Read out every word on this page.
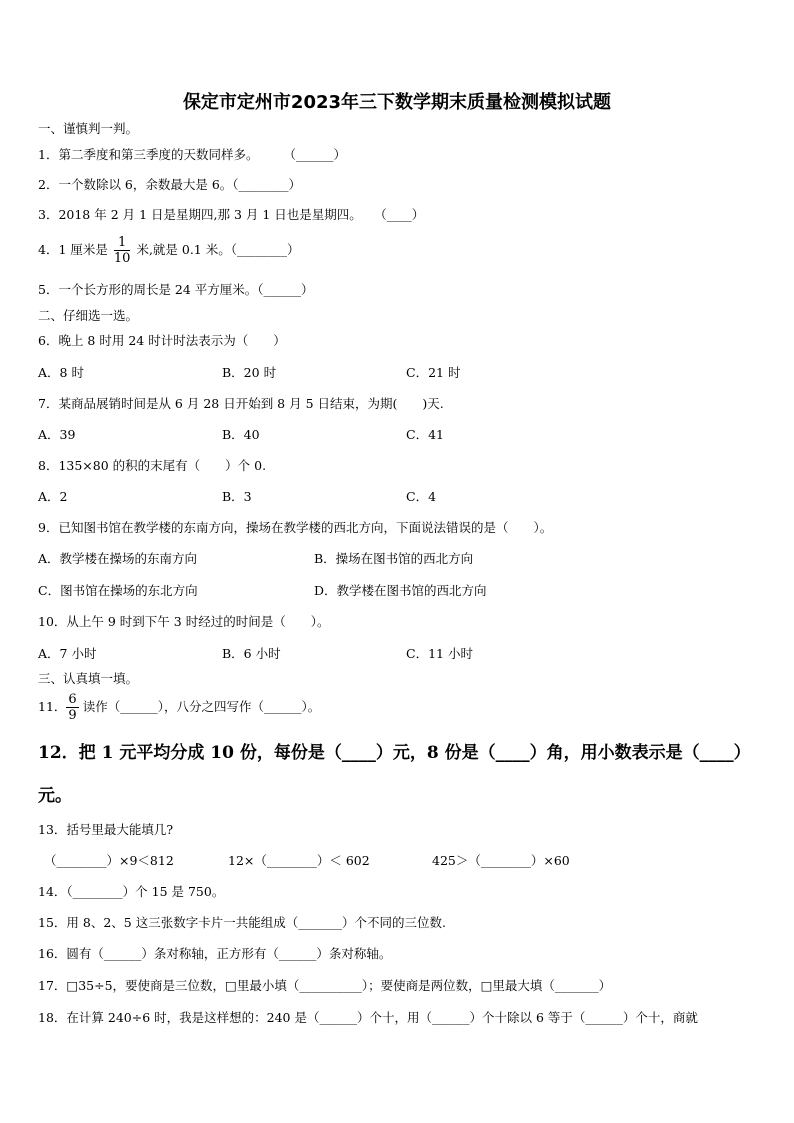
保定市定州市2023年三下数学期末质量检测模拟试题
一、谨慎判一判。
1．第二季度和第三季度的天数同样多。　　　（______）
2．一个数除以 6，余数最大是 6。（________）
3．2018 年 2 月 1 日是星期四,那 3 月 1 日也是星期四。　　（____）
4．1 厘米是 $\frac{1}{10}$ 米,就是 0.1 米。（________）
5．一个长方形的周长是 24 平方厘米。（______）
二、仔细选一选。
6．晚上 8 时用 24 时计时法表示为（　　）
A．8 时	B．20 时	C．21 时
7．某商品展销时间是从 6 月 28 日开始到 8 月 5 日结束，为期(　　)天.
A．39	B．40	C．41
8．135×80 的积的末尾有（　　）个 0.
A．2	B．3	C．4
9．已知图书馆在教学楼的东南方向，操场在教学楼的西北方向，下面说法错误的是（　　）。
A．教学楼在操场的东南方向	B．操场在图书馆的西北方向
C．图书馆在操场的东北方向	D．教学楼在图书馆的西北方向
10．从上午 9 时到下午 3 时经过的时间是（　　）。
A．7 小时	B．6 小时	C．11 小时
三、认真填一填。
11． $\frac{6}{9}$ 读作（______），八分之四写作（______）。
12．把 1 元平均分成 10 份，每份是（____）元，8 份是（____）角，用小数表示是（____）
元。
13．括号里最大能填几?
（________）×9＜812	12×（________）＜ 602	425＞（________）×60
14．（________）个 15 是 750。
15．用 8、2、5 这三张数字卡片一共能组成（_______）个不同的三位数.
16．圆有（______）条对称轴，正方形有（______）条对称轴。
17．□35÷5，要使商是三位数，□里最小填（__________）；要使商是两位数，□里最大填（_______）
18．在计算 240÷6 时，我是这样想的：240 是（______）个十，用（______）个十除以 6 等于（______）个十，商就
